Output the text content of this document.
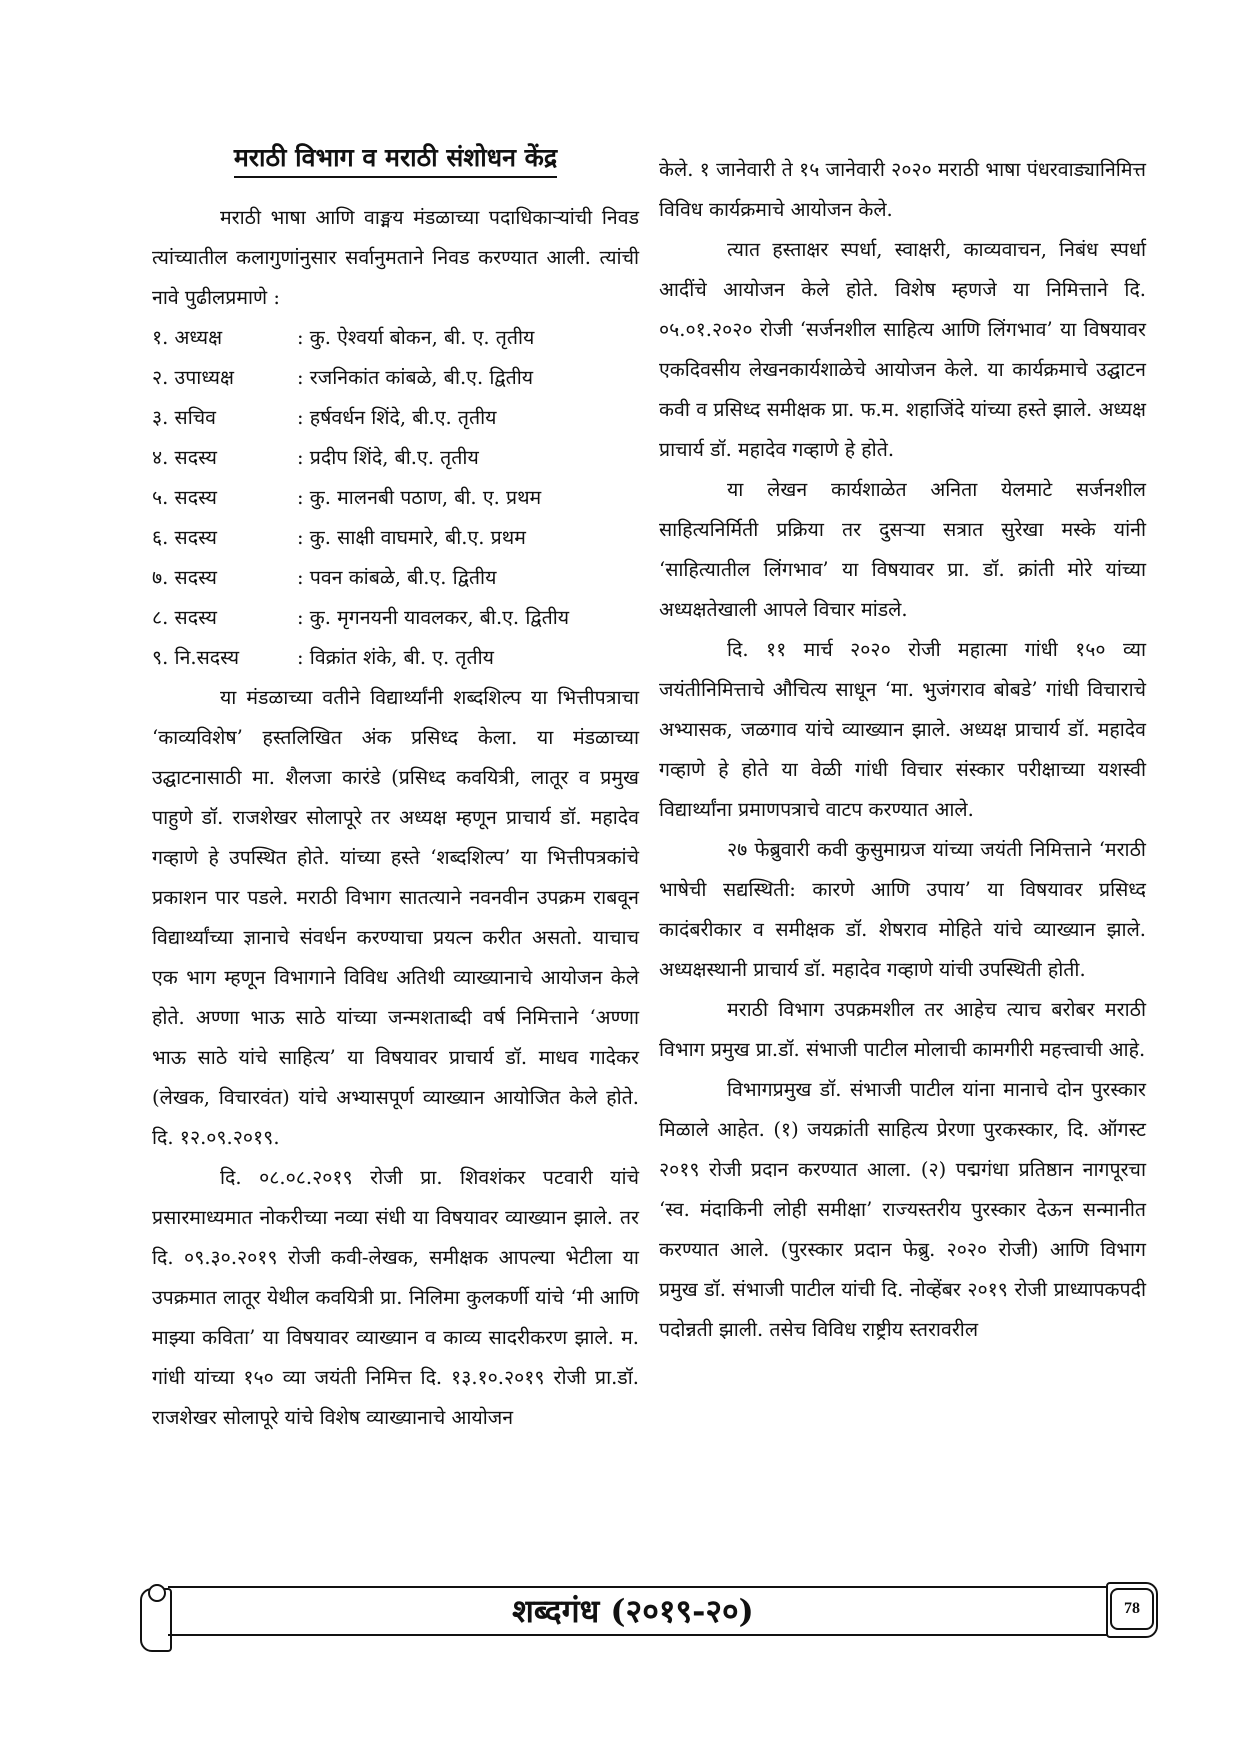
मराठी विभाग व मराठी संशोधन केंद्र

मराठी भाषा आणि वाङ्मय मंडळाच्या पदाधिकाऱ्यांची निवड त्यांच्यातील कलागुणांनुसार सर्वानुमताने निवड करण्यात आली. त्यांची नावे पुढीलप्रमाणे :

१. अध्यक्ष	: कु. ऐश्वर्या बोकन, बी. ए. तृतीय
२. उपाध्यक्ष	: रजनिकांत कांबळे, बी.ए. द्वितीय
३. सचिव	: हर्षवर्धन शिंदे, बी.ए. तृतीय
४. सदस्य	: प्रदीप शिंदे, बी.ए. तृतीय
५. सदस्य	: कु. मालनबी पठाण, बी. ए. प्रथम
६. सदस्य	: कु. साक्षी वाघमारे, बी.ए. प्रथम
७. सदस्य	: पवन कांबळे, बी.ए. द्वितीय
८. सदस्य	: कु. मृगनयनी यावलकर, बी.ए. द्वितीय
९. नि.सदस्य	: विक्रांत शंके, बी. ए. तृतीय

या मंडळाच्या वतीने विद्यार्थ्यांनी शब्दशिल्प या भित्तीपत्राचा ‘काव्यविशेष’ हस्तलिखित अंक प्रसिध्द केला. या मंडळाच्या उद्घाटनासाठी मा. शैलजा कारंडे (प्रसिध्द कवयित्री, लातूर व प्रमुख पाहुणे डॉ. राजशेखर सोलापूरे तर अध्यक्ष म्हणून प्राचार्य डॉ. महादेव गव्हाणे हे उपस्थित होते. यांच्या हस्ते ‘शब्दशिल्प’ या भित्तीपत्रकांचे प्रकाशन पार पडले. मराठी विभाग सातत्याने नवनवीन उपक्रम राबवून विद्यार्थ्यांच्या ज्ञानाचे संवर्धन करण्याचा प्रयत्न करीत असतो. याचाच एक भाग म्हणून विभागाने विविध अतिथी व्याख्यानाचे आयोजन केले होते. अण्णा भाऊ साठे यांच्या जन्मशताब्दी वर्ष निमित्ताने ‘अण्णा भाऊ साठे यांचे साहित्य’ या विषयावर प्राचार्य डॉ. माधव गादेकर (लेखक, विचारवंत) यांचे अभ्यासपूर्ण व्याख्यान आयोजित केले होते. दि. १२.०९.२०१९.

दि. ०८.०८.२०१९ रोजी प्रा. शिवशंकर पटवारी यांचे प्रसारमाध्यमात नोकरीच्या नव्या संधी या विषयावर व्याख्यान झाले. तर दि. ०९.३०.२०१९ रोजी कवी-लेखक, समीक्षक आपल्या भेटीला या उपक्रमात लातूर येथील कवयित्री प्रा. निलिमा कुलकर्णी यांचे ‘मी आणि माझ्या कविता’ या विषयावर व्याख्यान व काव्य सादरीकरण झाले. म. गांधी यांच्या १५० व्या जयंती निमित्त दि. १३.१०.२०१९ रोजी प्रा.डॉ. राजशेखर सोलापूरे यांचे विशेष व्याख्यानाचे आयोजन

केले. १ जानेवारी ते १५ जानेवारी २०२० मराठी भाषा पंधरवाड्यानिमित्त विविध कार्यक्रमाचे आयोजन केले.

त्यात हस्ताक्षर स्पर्धा, स्वाक्षरी, काव्यवाचन, निबंध स्पर्धा आदींचे आयोजन केले होते. विशेष म्हणजे या निमित्ताने दि. ०५.०१.२०२० रोजी ‘सर्जनशील साहित्य आणि लिंगभाव’ या विषयावर एकदिवसीय लेखनकार्यशाळेचे आयोजन केले. या कार्यक्रमाचे उद्घाटन कवी व प्रसिध्द समीक्षक प्रा. फ.म. शहाजिंदे यांच्या हस्ते झाले. अध्यक्ष प्राचार्य डॉ. महादेव गव्हाणे हे होते.

या लेखन कार्यशाळेत अनिता येलमाटे सर्जनशील साहित्यनिर्मिती प्रक्रिया तर दुसऱ्या सत्रात सुरेखा मस्के यांनी ‘साहित्यातील लिंगभाव’ या विषयावर प्रा. डॉ. क्रांती मोरे यांच्या अध्यक्षतेखाली आपले विचार मांडले.

दि. ११ मार्च २०२० रोजी महात्मा गांधी १५० व्या जयंतीनिमित्ताचे औचित्य साधून ‘मा. भुजंगराव बोबडे’ गांधी विचाराचे अभ्यासक, जळगाव यांचे व्याख्यान झाले. अध्यक्ष प्राचार्य डॉ. महादेव गव्हाणे हे होते या वेळी गांधी विचार संस्कार परीक्षाच्या यशस्वी विद्यार्थ्यांना प्रमाणपत्राचे वाटप करण्यात आले.

२७ फेब्रुवारी कवी कुसुमाग्रज यांच्या जयंती निमित्ताने ‘मराठी भाषेची सद्यस्थिती: कारणे आणि उपाय’ या विषयावर प्रसिध्द कादंबरीकार व समीक्षक डॉ. शेषराव मोहिते यांचे व्याख्यान झाले. अध्यक्षस्थानी प्राचार्य डॉ. महादेव गव्हाणे यांची उपस्थिती होती.

मराठी विभाग उपक्रमशील तर आहेच त्याच बरोबर मराठी विभाग प्रमुख प्रा.डॉ. संभाजी पाटील मोलाची कामगीरी महत्त्वाची आहे.

विभागप्रमुख डॉ. संभाजी पाटील यांना मानाचे दोन पुरस्कार मिळाले आहेत. (१) जयक्रांती साहित्य प्रेरणा पुरकस्कार, दि. ऑगस्ट २०१९ रोजी प्रदान करण्यात आला. (२) पद्मगंधा प्रतिष्ठान नागपूरचा ‘स्व. मंदाकिनी लोही समीक्षा’ राज्यस्तरीय पुरस्कार देऊन सन्मानीत करण्यात आले. (पुरस्कार प्रदान फेब्रु. २०२० रोजी) आणि विभाग प्रमुख डॉ. संभाजी पाटील यांची दि. नोव्हेंबर २०१९ रोजी प्राध्यापकपदी पदोन्नती झाली. तसेच विविध राष्ट्रीय स्तरावरील

शब्दगंध (२०१९-२०)	78
